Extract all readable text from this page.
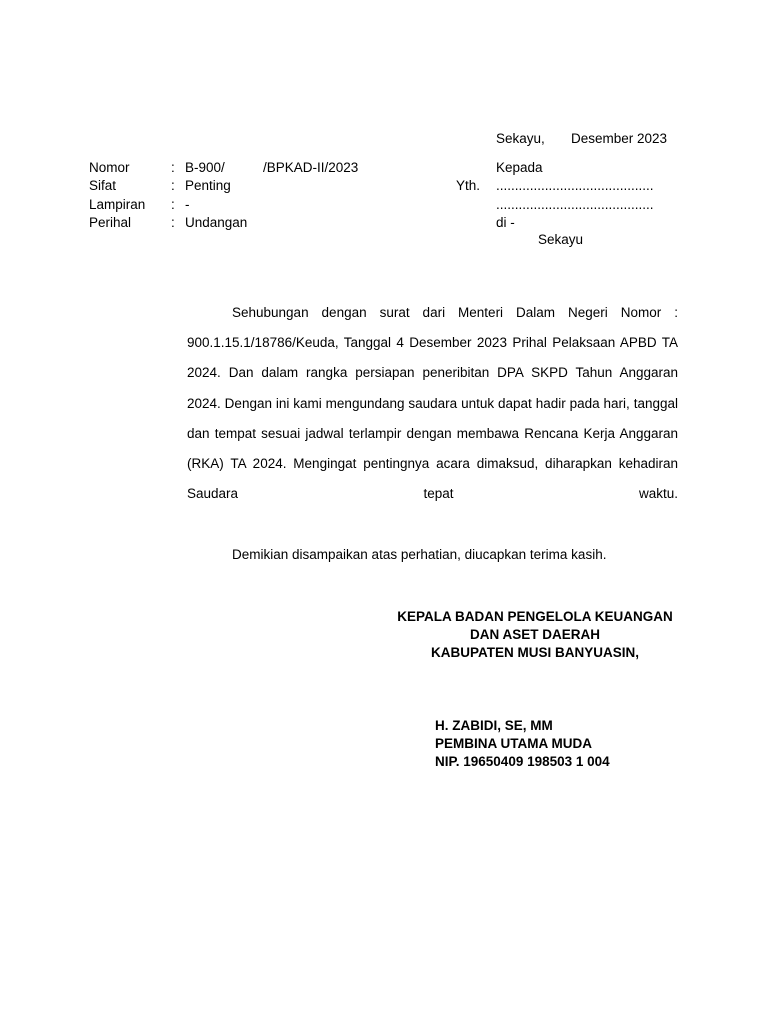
Sekayu, Desember 2023
Nomor	: B-900/	/BPKAD-II/2023
Sifat	: Penting
Lampiran : -
Perihal	: Undangan
Kepada
Yth. ..........................................
..........................................
di -
Sekayu
Sehubungan dengan surat dari Menteri Dalam Negeri Nomor : 900.1.15.1/18786/Keuda, Tanggal 4 Desember 2023 Prihal Pelaksaan APBD TA 2024. Dan dalam rangka persiapan peneribitan DPA SKPD Tahun Anggaran 2024. Dengan ini kami mengundang saudara untuk dapat hadir pada hari, tanggal dan tempat sesuai jadwal terlampir dengan membawa Rencana Kerja Anggaran (RKA) TA 2024. Mengingat pentingnya acara dimaksud, diharapkan kehadiran Saudara tepat waktu.
Demikian disampaikan atas perhatian, diucapkan terima kasih.
KEPALA BADAN PENGELOLA KEUANGAN
DAN ASET DAERAH
KABUPATEN MUSI BANYUASIN,
H. ZABIDI, SE, MM
PEMBINA UTAMA MUDA
NIP. 19650409 198503 1 004
